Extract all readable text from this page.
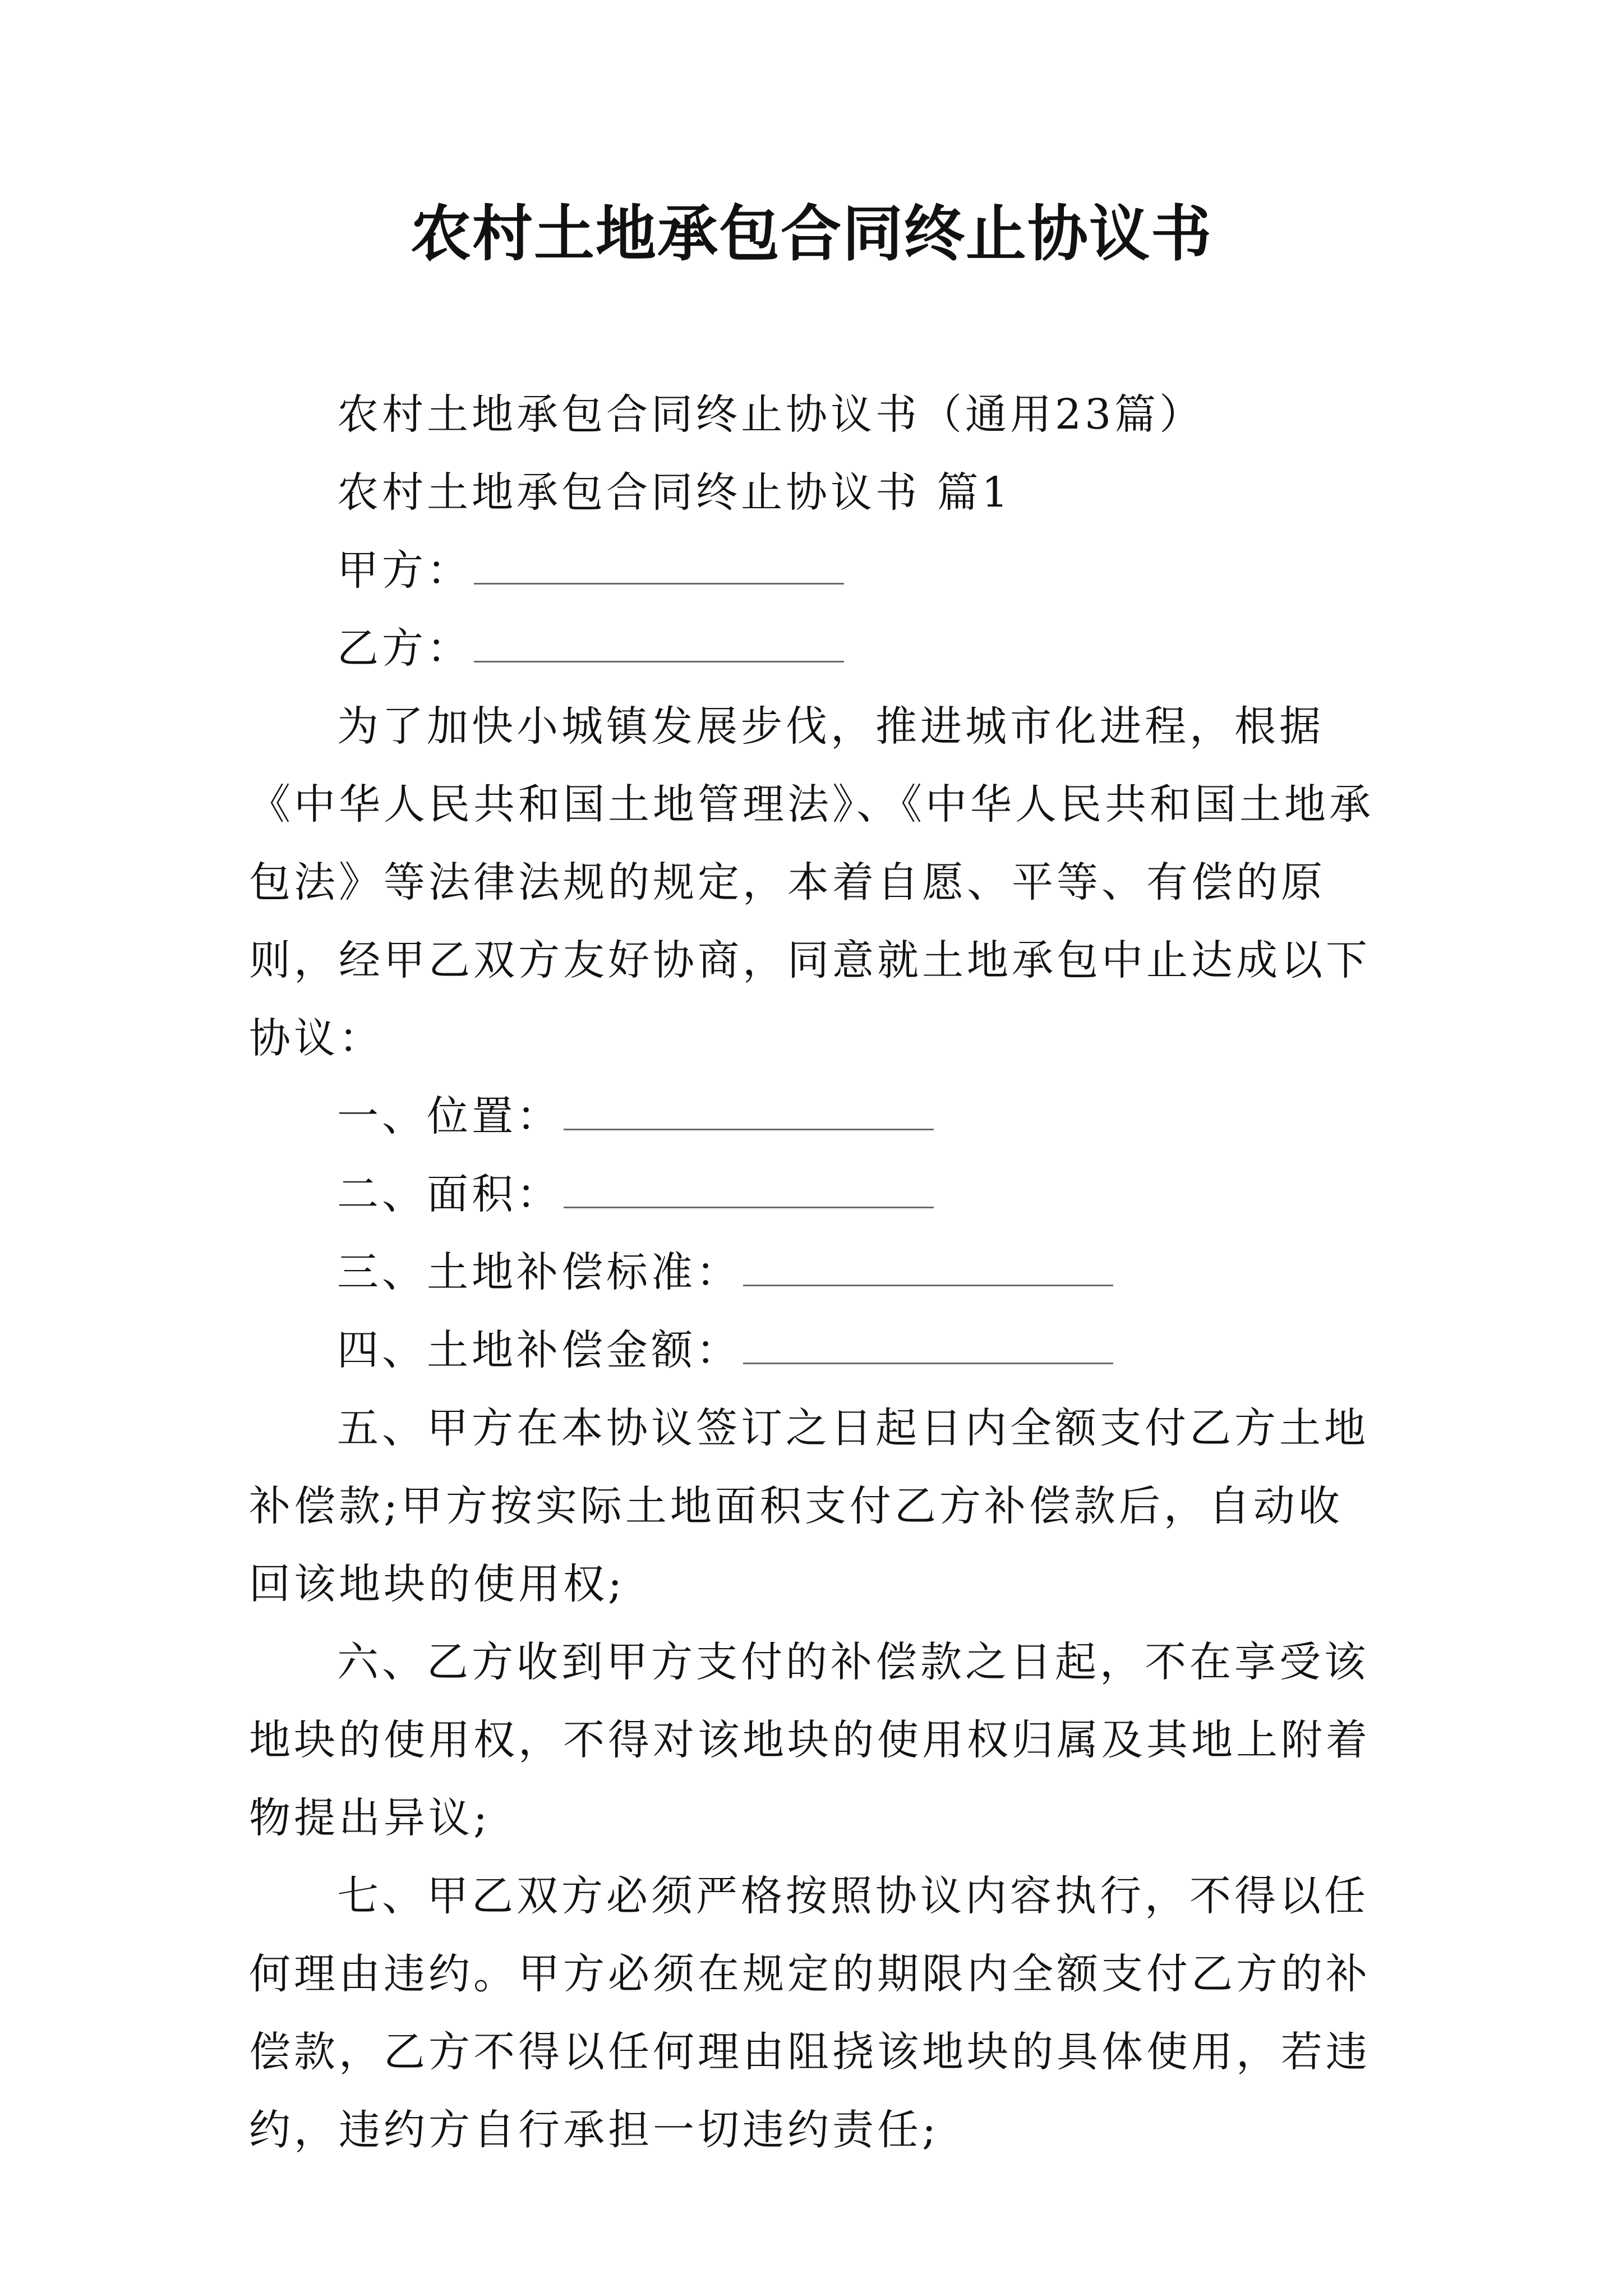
农村土地承包合同终止协议书

农村土地承包合同终止协议书（通用23篇）

农村土地承包合同终止协议书 篇1

甲方：

乙方：

为了加快小城镇发展步伐，推进城市化进程，根据《中华人民共和国土地管理法》、《中华人民共和国土地承包法》等法律法规的规定，本着自愿、平等、有偿的原则，经甲乙双方友好协商，同意就土地承包中止达成以下协议：

一、位置：

二、面积：

三、土地补偿标准：

四、土地补偿金额：

五、甲方在本协议签订之日起日内全额支付乙方土地补偿款;甲方按实际土地面积支付乙方补偿款后，自动收回该地块的使用权;

六、乙方收到甲方支付的补偿款之日起，不在享受该地块的使用权，不得对该地块的使用权归属及其地上附着物提出异议;

七、甲乙双方必须严格按照协议内容执行，不得以任何理由违约。甲方必须在规定的期限内全额支付乙方的补偿款，乙方不得以任何理由阻挠该地块的具体使用，若违约，违约方自行承担一切违约责任;
